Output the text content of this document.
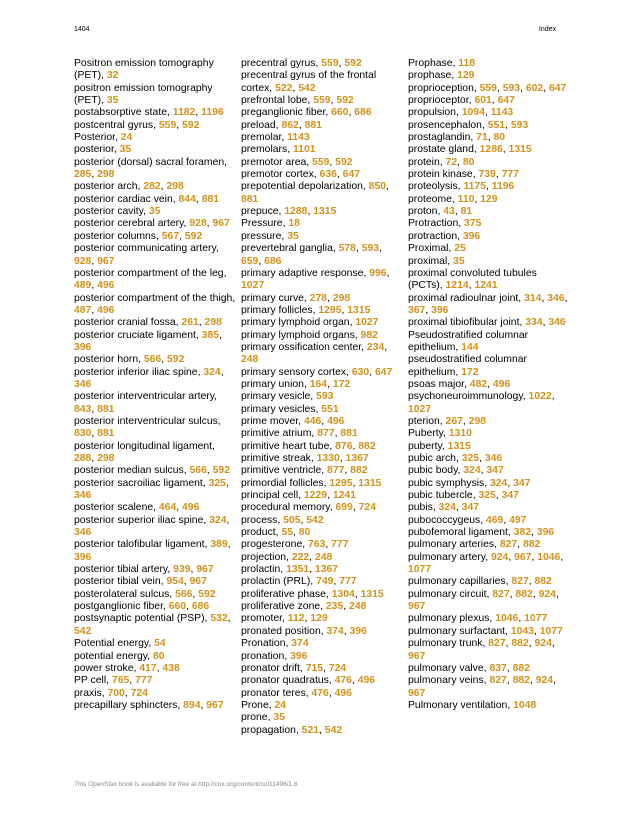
1404	Index
Positron emission tomography (PET), 32
positron emission tomography (PET), 35
postabsorptive state, 1182, 1196
postcentral gyrus, 559, 592
Posterior, 24
posterior, 35
posterior (dorsal) sacral foramen, 285, 298
posterior arch, 282, 298
posterior cardiac vein, 844, 881
posterior cavity, 35
posterior cerebral artery, 928, 967
posterior columns, 567, 592
posterior communicating artery, 928, 967
posterior compartment of the leg, 489, 496
posterior compartment of the thigh, 487, 496
posterior cranial fossa, 261, 298
posterior cruciate ligament, 385, 396
posterior horn, 566, 592
posterior inferior iliac spine, 324, 346
posterior interventricular artery, 843, 881
posterior interventricular sulcus, 830, 881
posterior longitudinal ligament, 288, 298
posterior median sulcus, 566, 592
posterior sacroiliac ligament, 325, 346
posterior scalene, 464, 496
posterior superior iliac spine, 324, 346
posterior talofibular ligament, 389, 396
posterior tibial artery, 939, 967
posterior tibial vein, 954, 967
posterolateral sulcus, 566, 592
postganglionic fiber, 660, 686
postsynaptic potential (PSP), 532, 542
Potential energy, 54
potential energy, 80
power stroke, 417, 438
PP cell, 765, 777
praxis, 700, 724
precapillary sphincters, 894, 967
precentral gyrus, 559, 592
precentral gyrus of the frontal cortex, 522, 542
prefrontal lobe, 559, 592
preganglionic fiber, 660, 686
preload, 862, 881
premolar, 1143
premolars, 1101
premotor area, 559, 592
premotor cortex, 636, 647
prepotential depolarization, 850, 881
prepuce, 1288, 1315
Pressure, 18
pressure, 35
prevertebral ganglia, 578, 593, 659, 686
primary adaptive response, 996, 1027
primary curve, 278, 298
primary follicles, 1295, 1315
primary lymphoid organ, 1027
primary lymphoid organs, 982
primary ossification center, 234, 248
primary sensory cortex, 630, 647
primary union, 164, 172
primary vesicle, 593
primary vesicles, 551
prime mover, 446, 496
primitive atrium, 877, 881
primitive heart tube, 876, 882
primitive streak, 1330, 1367
primitive ventricle, 877, 882
primordial follicles, 1295, 1315
principal cell, 1229, 1241
procedural memory, 699, 724
process, 505, 542
product, 55, 80
progesterone, 763, 777
projection, 222, 248
prolactin, 1351, 1367
prolactin (PRL), 749, 777
proliferative phase, 1304, 1315
proliferative zone, 235, 248
promoter, 112, 129
pronated position, 374, 396
Pronation, 374
pronation, 396
pronator drift, 715, 724
pronator quadratus, 476, 496
pronator teres, 476, 496
Prone, 24
prone, 35
propagation, 521, 542
Prophase, 118
prophase, 129
proprioception, 559, 593, 602, 647
proprioceptor, 601, 647
propulsion, 1094, 1143
prosencephalon, 551, 593
prostaglandin, 71, 80
prostate gland, 1286, 1315
protein, 72, 80
protein kinase, 739, 777
proteolysis, 1175, 1196
proteome, 110, 129
proton, 43, 81
Protraction, 375
protraction, 396
Proximal, 25
proximal, 35
proximal convoluted tubules (PCTs), 1214, 1241
proximal radioulnar joint, 314, 346, 367, 396
proximal tibiofibular joint, 334, 346
Pseudostratified columnar epithelium, 144
pseudostratified columnar epithelium, 172
psoas major, 482, 496
psychoneuroimmunology, 1022, 1027
pterion, 267, 298
Puberty, 1310
puberty, 1315
pubic arch, 325, 346
pubic body, 324, 347
pubic symphysis, 324, 347
pubic tubercle, 325, 347
pubis, 324, 347
pubococcygeus, 469, 497
pubofemoral ligament, 382, 396
pulmonary arteries, 827, 882
pulmonary artery, 924, 967, 1046, 1077
pulmonary capillaries, 827, 882
pulmonary circuit, 827, 882, 924, 967
pulmonary plexus, 1046, 1077
pulmonary surfactant, 1043, 1077
pulmonary trunk, 827, 882, 924, 967
pulmonary valve, 837, 882
pulmonary veins, 827, 882, 924, 967
Pulmonary ventilation, 1048
This OpenStax book is available for free at http://cnx.org/content/col11496/1.8
